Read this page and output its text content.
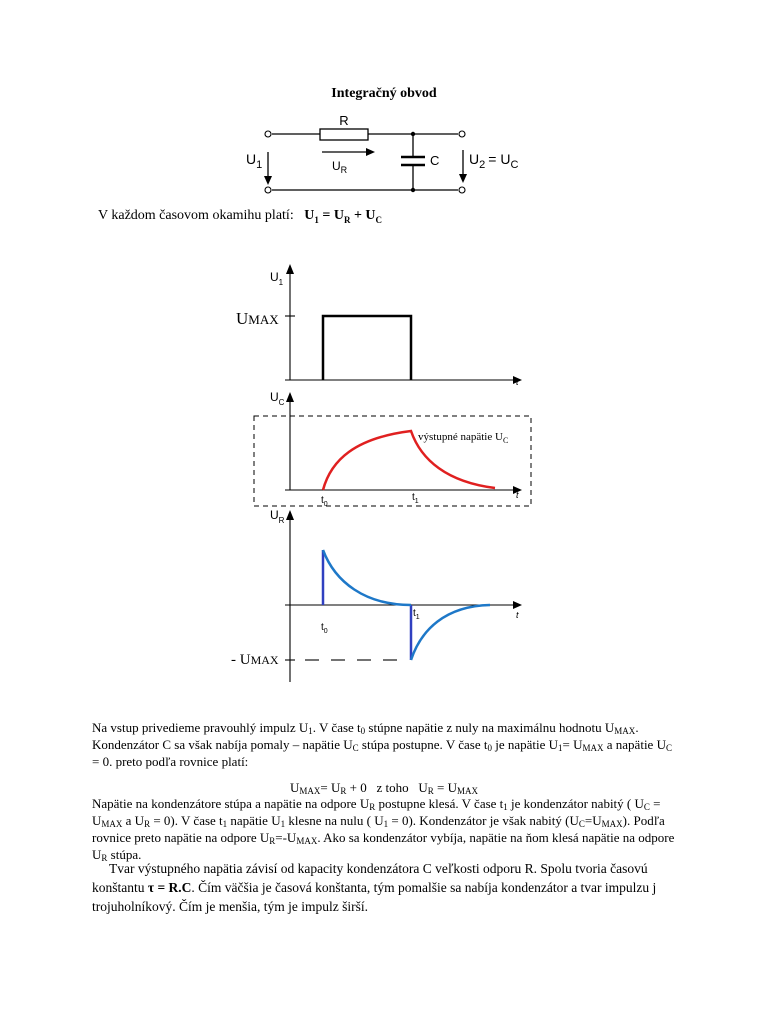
Integračný obvod
R
C
$U_1$	$U_R$
$U_2 = U_C$
V každom časovom okamihu platí: $U_1 = U_R + U_C$
$U_1$
UMAX
t
$U_C$
výstupné napätie $U_C$
$t_0$
$t_1$
t
$U_R$
$t_0$
$t_1$	t
- UMAX
Na vstup privedieme pravouhlý impulz $U_1$. V čase $t_0$ stúpne napätie z nuly na maximálnu hodnotu $U_{MAX}$. Kondenzátor C sa však nabíja pomaly – napätie $U_C$ stúpa postupne. V čase $t_0$ je napätie $U_1= U_{MAX}$ a napätie $U_C = 0$. preto podľa rovnice platí:
$U_{MAX}= U_R + 0$   z toho   $U_R = U_{MAX}$
Napätie na kondenzátore stúpa a napätie na odpore $U_R$ postupne klesá. V čase $t_1$ je kondenzátor nabitý ( $U_C = U_{MAX}$ a $U_R = 0$). V čase $t_1$ napätie $U_1$ klesne na nulu ( $U_1 = 0$). Kondenzátor je však nabitý $(U_C=U_{MAX})$. Podľa rovnice preto napätie na odpore $U_R=-U_{MAX}$. Ako sa kondenzátor vybíja, napätie na ňom klesá napätie na odpore $U_R$ stúpa.
Tvar výstupného napätia závisí od kapacity kondenzátora C veľkosti odporu R. Spolu tvoria časovú konštantu τ = R.C. Čím väčšia je časová konštanta, tým pomalšie sa nabíja kondenzátor a tvar impulzu j trojuholníkový. Čím je menšia, tým je impulz širší.
